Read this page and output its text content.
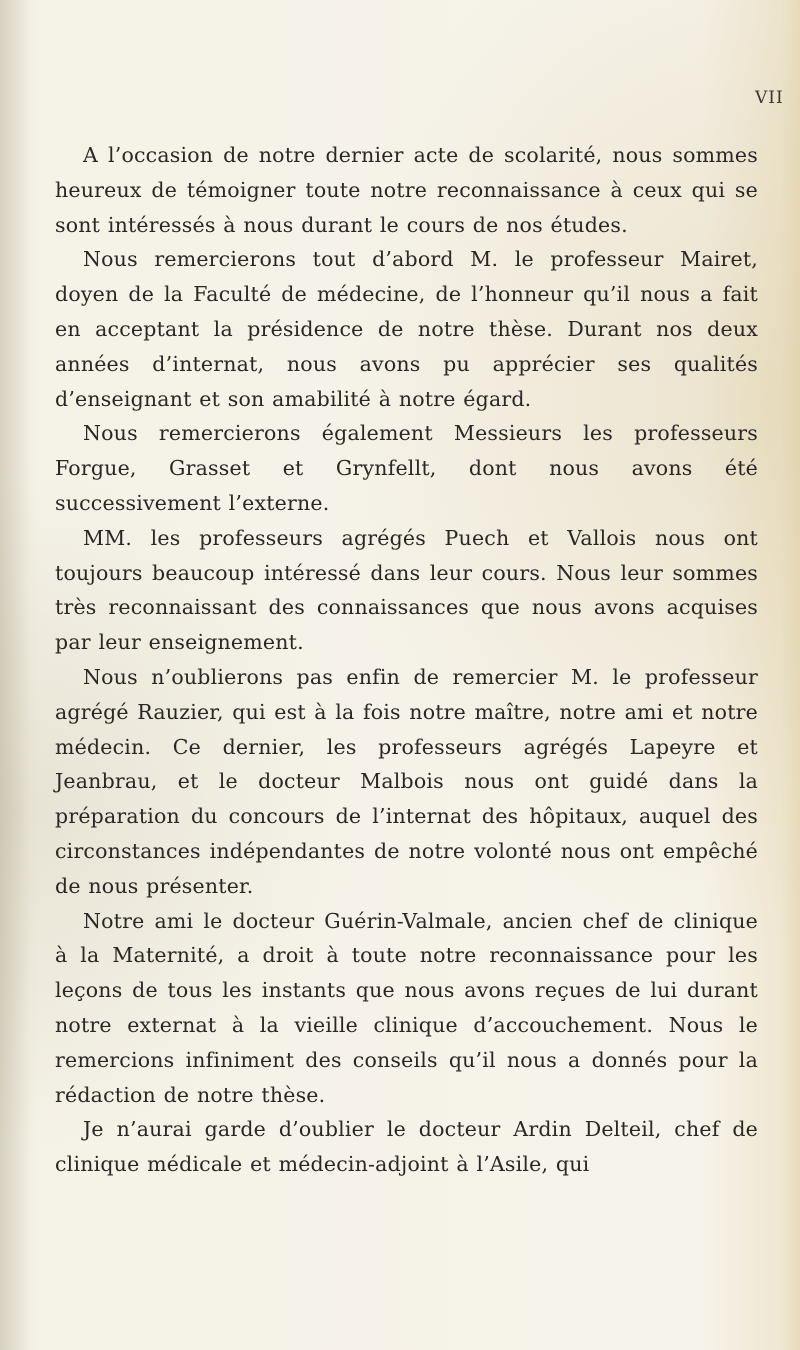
VII

A l’occasion de notre dernier acte de scolarité, nous sommes heureux de témoigner toute notre reconnaissance à ceux qui se sont intéressés à nous durant le cours de nos études.

Nous remercierons tout d’abord M. le professeur Mairet, doyen de la Faculté de médecine, de l’honneur qu’il nous a fait en acceptant la présidence de notre thèse. Durant nos deux années d’internat, nous avons pu apprécier ses qualités d’enseignant et son amabilité à notre égard.

Nous remercierons également Messieurs les professeurs Forgue, Grasset et Grynfellt, dont nous avons été successivement l’externe.

MM. les professeurs agrégés Puech et Vallois nous ont toujours beaucoup intéressé dans leur cours. Nous leur sommes très reconnaissant des connaissances que nous avons acquises par leur enseignement.

Nous n’oublierons pas enfin de remercier M. le professeur agrégé Rauzier, qui est à la fois notre maître, notre ami et notre médecin. Ce dernier, les professeurs agrégés Lapeyre et Jeanbrau, et le docteur Malbois nous ont guidé dans la préparation du concours de l’internat des hôpitaux, auquel des circonstances indépendantes de notre volonté nous ont empêché de nous présenter.

Notre ami le docteur Guérin-Valmale, ancien chef de clinique à la Maternité, a droit à toute notre reconnaissance pour les leçons de tous les instants que nous avons reçues de lui durant notre externat à la vieille clinique d’accouchement. Nous le remercions infiniment des conseils qu’il nous a donnés pour la rédaction de notre thèse.

Je n’aurai garde d’oublier le docteur Ardin Delteil, chef de clinique médicale et médecin-adjoint à l’Asile, qui
